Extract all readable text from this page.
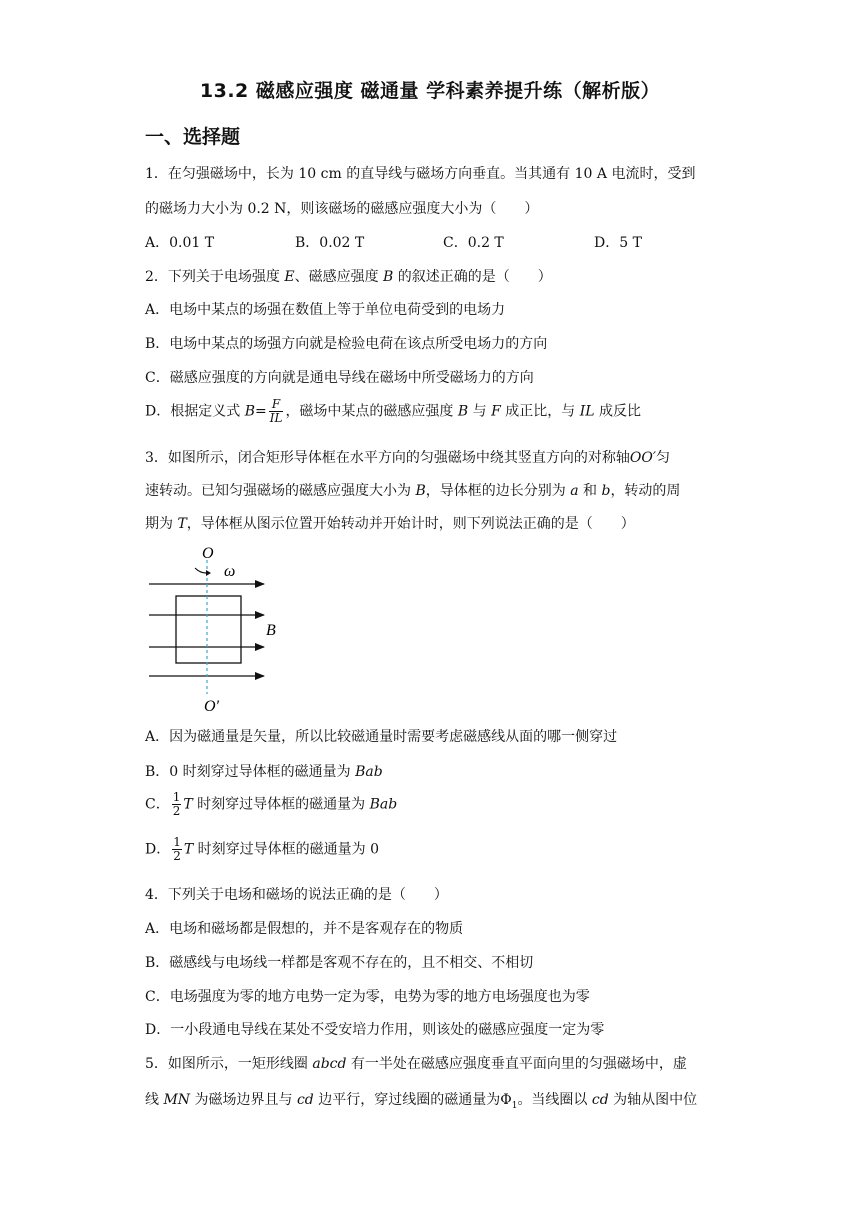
13.2 磁感应强度 磁通量 学科素养提升练（解析版）
一、选择题
1．在匀强磁场中，长为 10 cm 的直导线与磁场方向垂直。当其通有 10 A 电流时，受到
的磁场力大小为 0.2 N，则该磁场的磁感应强度大小为（　　）
A．0.01 T	B．0.02 T	C．0.2 T	D．5 T
2．下列关于电场强度 E、磁感应强度 B 的叙述正确的是（　　）
A．电场中某点的场强在数值上等于单位电荷受到的电场力
B．电场中某点的场强方向就是检验电荷在该点所受电场力的方向
C．磁感应强度的方向就是通电导线在磁场中所受磁场力的方向
D．根据定义式 $B= \frac{F}{IL}$ ，磁场中某点的磁感应强度 B 与 F 成正比，与 IL 成反比
3．如图所示，闭合矩形导体框在水平方向的匀强磁场中绕其竖直方向的对称轴OO′匀
速转动。已知匀强磁场的磁感应强度大小为 B，导体框的边长分别为 a 和 b，转动的周
期为 T，导体框从图示位置开始转动并开始计时，则下列说法正确的是（　　）
O
ω
B
O′
A．因为磁通量是矢量，所以比较磁通量时需要考虑磁感线从面的哪一侧穿过
B．0 时刻穿过导体框的磁通量为 Bab
C． $\frac{1}{2}$ T 时刻穿过导体框的磁通量为 Bab
D． $\frac{1}{2}$ T 时刻穿过导体框的磁通量为 0
4．下列关于电场和磁场的说法正确的是（　　）
A．电场和磁场都是假想的，并不是客观存在的物质
B．磁感线与电场线一样都是客观不存在的，且不相交、不相切
C．电场强度为零的地方电势一定为零，电势为零的地方电场强度也为零
D．一小段通电导线在某处不受安培力作用，则该处的磁感应强度一定为零
5．如图所示，一矩形线圈 abcd 有一半处在磁感应强度垂直平面向里的匀强磁场中，虚
线 MN 为磁场边界且与 cd 边平行，穿过线圈的磁通量为$\Phi_1$。当线圈以 cd 为轴从图中位
